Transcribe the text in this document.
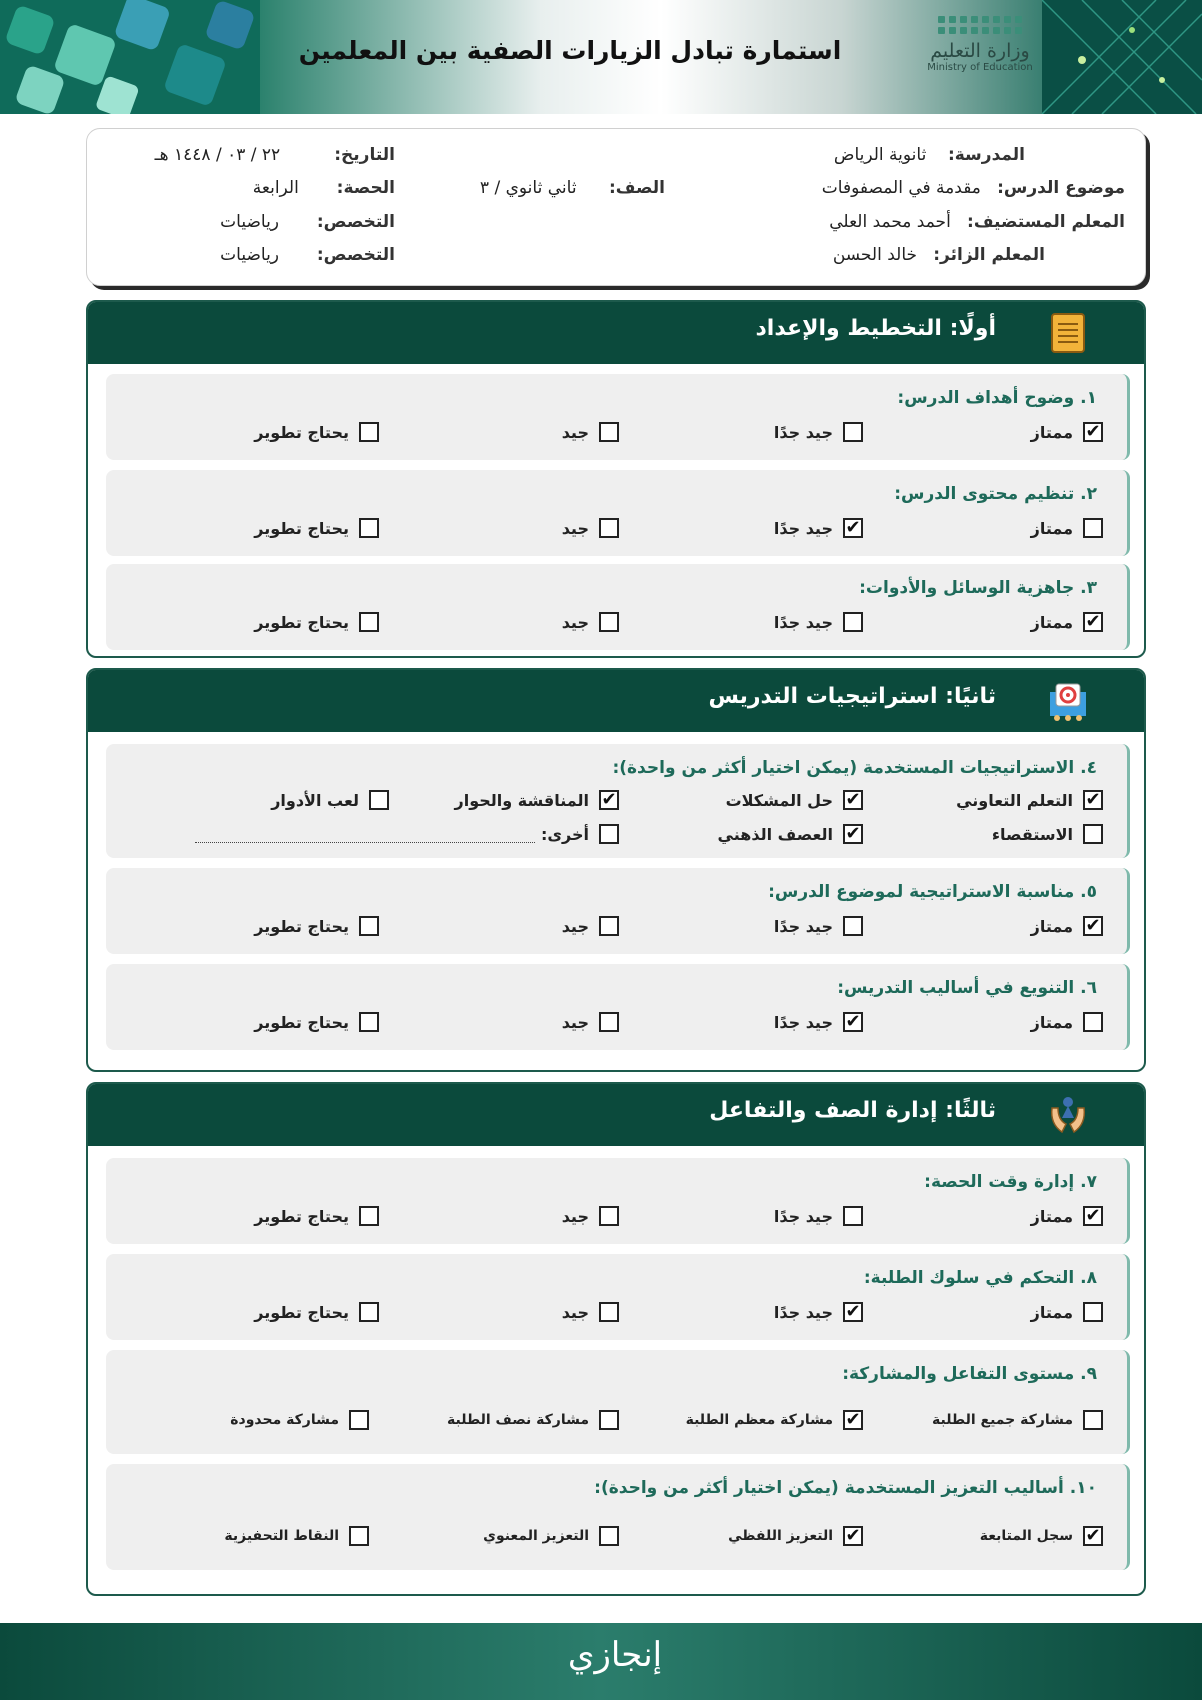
استمارة تبادل الزيارات الصفية بين المعلمين	وزارة التعليم
Ministry of Education
المدرسة:    ثانوية الرياض
التاريخ:          ٢٢ / ٠٣ / ١٤٤٨ هـ
موضوع الدرس:   مقدمة في المصفوفات
الصف:      ثاني ثانوي / ٣
الحصة:       الرابعة
المعلم المستضيف:   أحمد محمد العلي
التخصص:       رياضيات
المعلم الزائر:   خالد الحسن
التخصص:       رياضيات
أولًا: التخطيط والإعداد
١. وضوح أهداف الدرس:
✔
ممتاز
جيد جدًا
جيد
يحتاج تطوير
٢. تنظيم محتوى الدرس:
ممتاز
✔
جيد جدًا
جيد
يحتاج تطوير
٣. جاهزية الوسائل والأدوات:
✔
ممتاز
جيد جدًا
جيد
يحتاج تطوير
ثانيًا: استراتيجيات التدريس
٤. الاستراتيجيات المستخدمة (يمكن اختيار أكثر من واحدة):
✔
التعلم التعاوني
✔
حل المشكلات
✔
المناقشة والحوار
لعب الأدوار
الاستقصاء
✔
العصف الذهني
أخرى:
٥. مناسبة الاستراتيجية لموضوع الدرس:
✔
ممتاز
جيد جدًا
جيد
يحتاج تطوير
٦. التنويع في أساليب التدريس:
ممتاز
✔
جيد جدًا
جيد
يحتاج تطوير
ثالثًا: إدارة الصف والتفاعل
٧. إدارة وقت الحصة:
✔
ممتاز
جيد جدًا
جيد
يحتاج تطوير
٨. التحكم في سلوك الطلبة:
ممتاز
✔
جيد جدًا
جيد
يحتاج تطوير
٩. مستوى التفاعل والمشاركة:
مشاركة جميع الطلبة
✔
مشاركة معظم الطلبة
مشاركة نصف الطلبة
مشاركة محدودة
١٠. أساليب التعزيز المستخدمة (يمكن اختيار أكثر من واحدة):
✔
سجل المتابعة
✔
التعزيز اللفظي
التعزيز المعنوي
النقاط التحفيزية
إنجازي
